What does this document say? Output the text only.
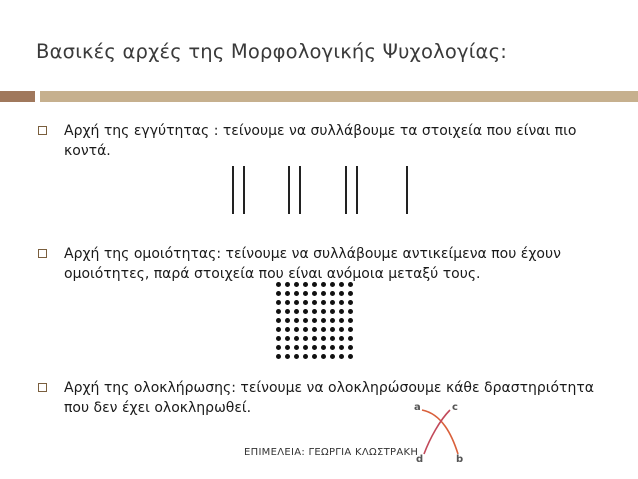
Βασικές αρχές της Μορφολογικής Ψυχολογίας:
Αρχή της εγγύτητας : τείνουμε να συλλάβουμε τα στοιχεία που είναι πιο κοντά.
Αρχή της ομοιότητας: τείνουμε να συλλάβουμε αντικείμενα που έχουν ομοιότητες, παρά στοιχεία που είναι ανόμοια μεταξύ τους.
Αρχή της ολοκλήρωσης: τείνουμε να ολοκληρώσουμε κάθε δραστηριότητα που δεν έχει ολοκληρωθεί.	a	c
d	b
ΕΠΙΜΕΛΕΙΑ: ΓΕΩΡΓΙΑ ΚΛΩΣΤΡΑΚΗ
